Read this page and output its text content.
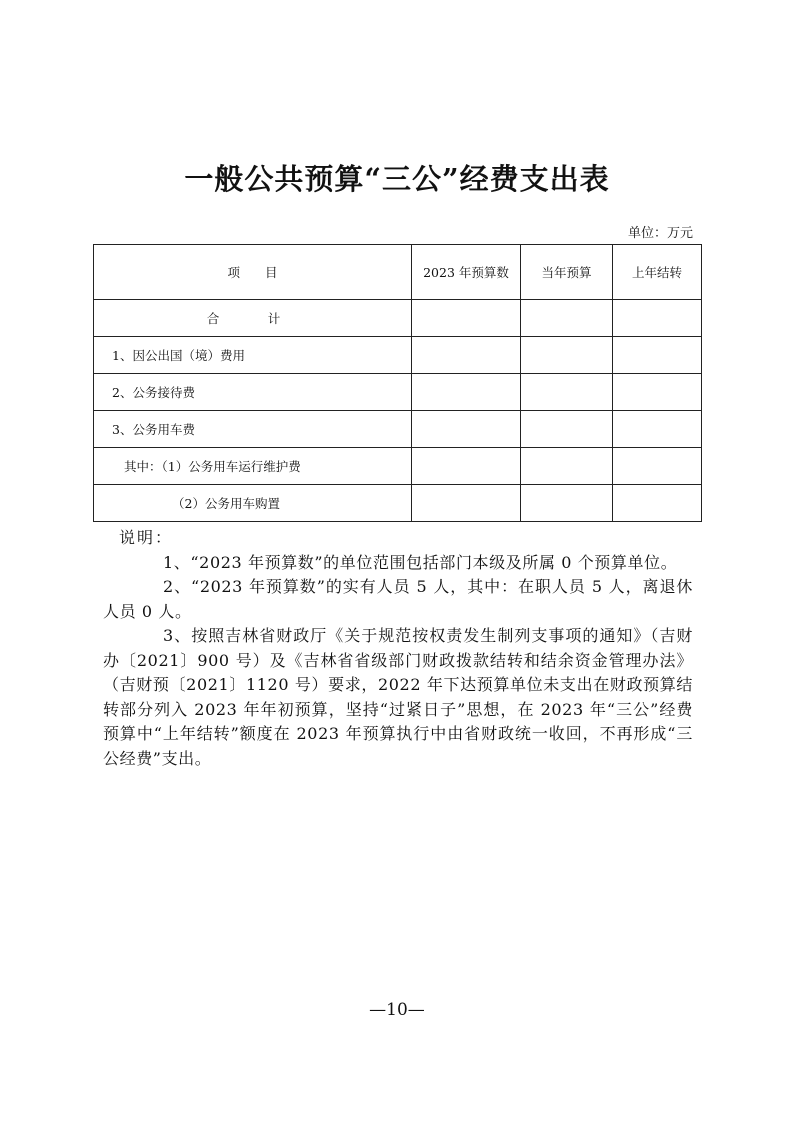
一般公共预算“三公”经费支出表
单位：万元
项　　目	2023 年预算数	当年预算	上年结转
合　计			
1、因公出国（境）费用			
2、公务接待费			
3、公务用车费			
其中：（1）公务用车运行维护费			
（2）公务用车购置			

说明：

1、“2023 年预算数”的单位范围包括部门本级及所属 0 个预算单位。

2、“2023 年预算数”的实有人员 5 人，其中：在职人员 5 人，离退休人员 0 人。

3、按照吉林省财政厅《关于规范按权责发生制列支事项的通知》（吉财办〔2021〕900 号）及《吉林省省级部门财政拨款结转和结余资金管理办法》（吉财预〔2021〕1120 号）要求，2022 年下达预算单位未支出在财政预算结转部分列入 2023 年年初预算，坚持“过紧日子”思想，在 2023 年“三公”经费预算中“上年结转”额度在 2023 年预算执行中由省财政统一收回，不再形成“三公经费”支出。

—10—
